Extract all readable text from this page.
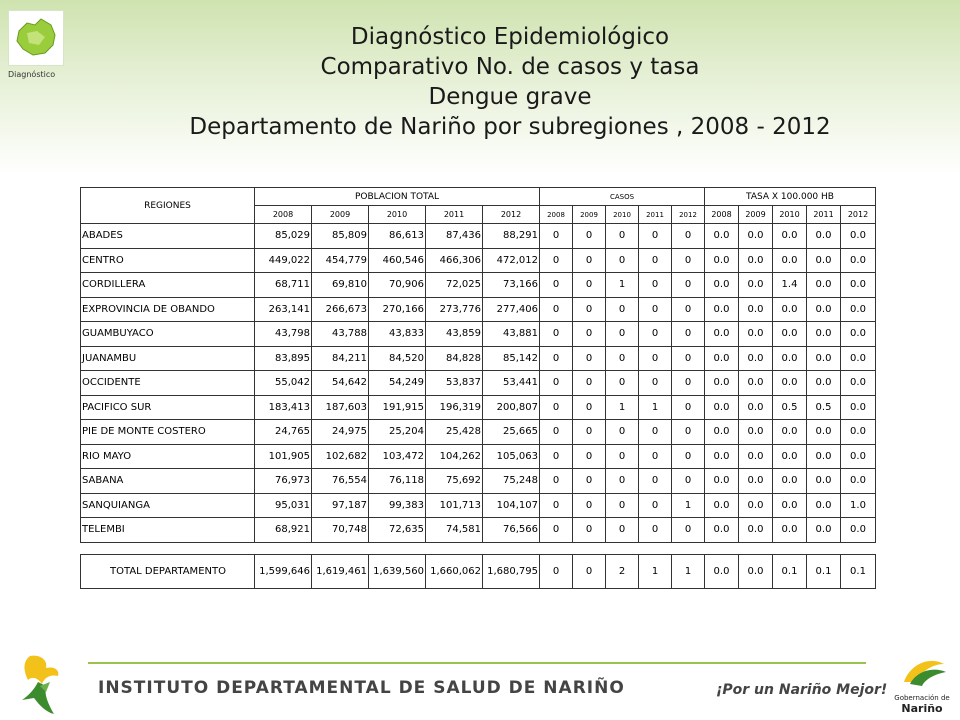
Diagnóstico
Diagnóstico Epidemiológico
Comparativo No. de casos y tasa
Dengue grave
Departamento de Nariño por subregiones , 2008 - 2012
REGIONES	POBLACION TOTAL					CASOS					TASA X 100.000 HB				
	2008	2009	2010	2011	2012	2008	2009	2010	2011	2012	2008	2009	2010	2011	2012
ABADES	85,029	85,809	86,613	87,436	88,291	0	0	0	0	0	0.0	0.0	0.0	0.0	0.0
CENTRO	449,022	454,779	460,546	466,306	472,012	0	0	0	0	0	0.0	0.0	0.0	0.0	0.0
CORDILLERA	68,711	69,810	70,906	72,025	73,166	0	0	1	0	0	0.0	0.0	1.4	0.0	0.0
EXPROVINCIA DE OBANDO	263,141	266,673	270,166	273,776	277,406	0	0	0	0	0	0.0	0.0	0.0	0.0	0.0
GUAMBUYACO	43,798	43,788	43,833	43,859	43,881	0	0	0	0	0	0.0	0.0	0.0	0.0	0.0
JUANAMBU	83,895	84,211	84,520	84,828	85,142	0	0	0	0	0	0.0	0.0	0.0	0.0	0.0
OCCIDENTE	55,042	54,642	54,249	53,837	53,441	0	0	0	0	0	0.0	0.0	0.0	0.0	0.0
PACIFICO SUR	183,413	187,603	191,915	196,319	200,807	0	0	1	1	0	0.0	0.0	0.5	0.5	0.0
PIE DE MONTE COSTERO	24,765	24,975	25,204	25,428	25,665	0	0	0	0	0	0.0	0.0	0.0	0.0	0.0
RIO MAYO	101,905	102,682	103,472	104,262	105,063	0	0	0	0	0	0.0	0.0	0.0	0.0	0.0
SABANA	76,973	76,554	76,118	75,692	75,248	0	0	0	0	0	0.0	0.0	0.0	0.0	0.0
SANQUIANGA	95,031	97,187	99,383	101,713	104,107	0	0	0	0	1	0.0	0.0	0.0	0.0	1.0
TELEMBI	68,921	70,748	72,635	74,581	76,566	0	0	0	0	0	0.0	0.0	0.0	0.0	0.0

TOTAL DEPARTAMENTO	1,599,646	1,619,461	1,639,560	1,660,062	1,680,795	0	0	2	1	1	0.0	0.0	0.1	0.1	0.1
INSTITUTO DEPARTAMENTAL DE SALUD DE NARIÑO	¡Por un Nariño Mejor! Gobernación de
Nariño
